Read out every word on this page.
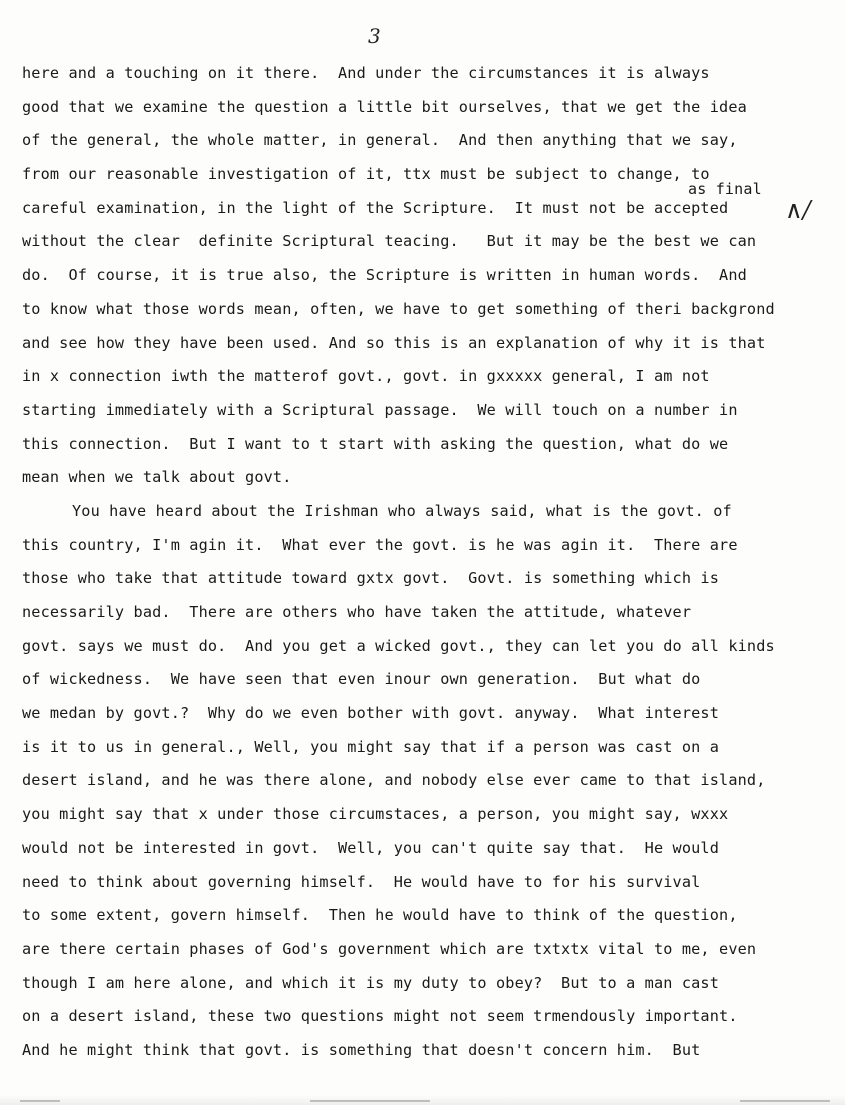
3
as final
∧/
here and a touching on it there.  And under the circumstances it is always
good that we examine the question a little bit ourselves, that we get the idea
of the general, the whole matter, in general.  And then anything that we say,
from our reasonable investigation of it, ttx must be subject to change, to
careful examination, in the light of the Scripture.  It must not be accepted
without the clear  definite Scriptural teacing.   But it may be the best we can
do.  Of course, it is true also, the Scripture is written in human words.  And
to know what those words mean, often, we have to get something of theri backgrond
and see how they have been used. And so this is an explanation of why it is that
in x connection iwth the matterof govt., govt. in gxxxxx general, I am not
starting immediately with a Scriptural passage.  We will touch on a number in
this connection.  But I want to t start with asking the question, what do we
mean when we talk about govt.
You have heard about the Irishman who always said, what is the govt. of
this country, I'm agin it.  What ever the govt. is he was agin it.  There are
those who take that attitude toward gxtx govt.  Govt. is something which is
necessarily bad.  There are others who have taken the attitude, whatever
govt. says we must do.  And you get a wicked govt., they can let you do all kinds
of wickedness.  We have seen that even inour own generation.  But what do
we medan by govt.?  Why do we even bother with govt. anyway.  What interest
is it to us in general., Well, you might say that if a person was cast on a
desert island, and he was there alone, and nobody else ever came to that island,
you might say that x under those circumstaces, a person, you might say, wxxx
would not be interested in govt.  Well, you can't quite say that.  He would
need to think about governing himself.  He would have to for his survival
to some extent, govern himself.  Then he would have to think of the question,
are there certain phases of God's government which are txtxtx vital to me, even
though I am here alone, and which it is my duty to obey?  But to a man cast
on a desert island, these two questions might not seem trmendously important.
And he might think that govt. is something that doesn't concern him.  But
